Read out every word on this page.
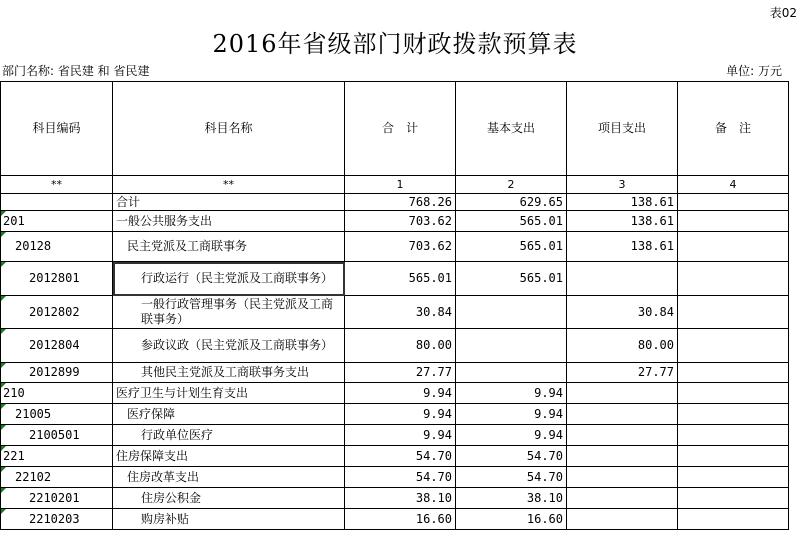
表02
2016年省级部门财政拨款预算表
部门名称: 省民建 和 省民建	单位: 万元
科目编码	科目名称	合　计	基本支出	项目支出	备　注
**	**	1	2	3	4
	合计	768.26	629.65	138.61	
201	一般公共服务支出	703.62	565.01	138.61	
20128	民主党派及工商联事务	703.62	565.01	138.61	
2012801	行政运行（民主党派及工商联事务）	565.01	565.01		
2012802	一般行政管理事务（民主党派及工商联事务）	30.84		30.84	
2012804	参政议政（民主党派及工商联事务）	80.00		80.00	
2012899	其他民主党派及工商联事务支出	27.77		27.77	
210	医疗卫生与计划生育支出	9.94	9.94		
21005	医疗保障	9.94	9.94		
2100501	行政单位医疗	9.94	9.94		
221	住房保障支出	54.70	54.70		
22102	住房改革支出	54.70	54.70		
2210201	住房公积金	38.10	38.10		
2210203	购房补贴	16.60	16.60		
